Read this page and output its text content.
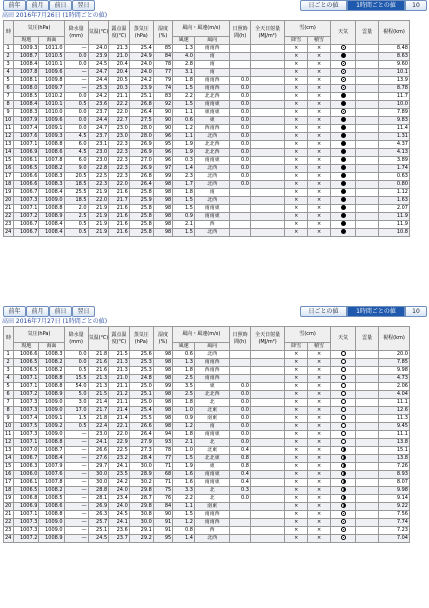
前年	前月	前日	翌日	日ごとの値	1時間ごとの値	10
高田 2016年7月26日 (1時間ごとの値)
時	気圧(hPa)		降水量(mm)	気温(℃)	露点温度(℃)	蒸気圧(hPa)	湿度(%)	風向・風速(m/s)		日照時間(h)	全天日射量(MJ/m²)	雪(cm)		天気	雲量	視程(km)
	現地	海面						風速	風向			降雪	積雪			
1	1009.3	1011.0	—	24.0	21.3	25.4	85	1.3	南南西			×	×			8.48
2	1008.7	1010.5	0.0	23.9	21.0	24.9	84	4.0	南			×	×			8.63
3	1008.4	1010.1	0.0	24.5	20.4	24.0	78	2.8	南			×	×			9.60
4	1007.8	1009.6	—	24.7	20.4	24.0	77	3.1	南			×	×			10.1
5	1008.1	1009.8	—	24.4	20.5	24.2	79	1.8	南南西	0.0		×	×			13.9
6	1008.0	1009.7	—	25.3	20.3	23.9	74	1.5	南南西	0.0		×	×			8.78
7	1008.5	1010.2	0.0	24.2	21.1	25.1	83	2.2	北北西	0.0		×	×			11.7
8	1008.4	1010.1	0.5	23.6	22.2	26.8	92	1.5	南南東	0.0		×	×			10.0
9	1008.3	1010.0	0.0	23.7	22.0	26.4	90	1.1	東南東	0.0		×	×			7.89
10	1007.9	1009.6	0.0	24.4	22.7	27.5	90	0.6	東	0.0		×	×			9.83
11	1007.4	1009.1	0.0	24.7	23.0	28.0	90	1.2	西南西	0.0		×	×			11.4
12	1007.6	1009.3	4.5	23.7	23.0	28.0	96	1.1	北西	0.0		×	×			1.31
13	1007.1	1008.8	6.0	23.1	22.3	26.9	95	1.9	北北西	0.0		×	×			4.37
14	1006.9	1008.6	4.5	23.0	22.3	26.9	96	1.9	北北西	0.0		×	×			4.13
15	1006.1	1007.8	6.0	23.0	22.3	27.0	96	0.3	南南東	0.0		×	×			3.89
16	1006.5	1008.2	9.0	22.8	22.3	26.9	97	1.4	北西	0.0		×	×			1.74
17	1006.6	1008.3	20.5	22.5	22.3	26.8	99	2.3	北西	0.0		×	×			0.63
18	1006.6	1008.3	18.5	22.3	22.0	26.4	98	1.7	北西	0.0		×	×			0.80
19	1006.7	1008.4	25.5	21.9	21.6	25.8	98	1.8	南			×	×			1.12
20	1007.3	1009.0	18.5	22.0	21.7	25.9	98	1.5	北西			×	×			1.63
21	1007.1	1008.8	2.0	21.9	21.6	25.8	98	1.5	南南東			×	×			2.07
22	1007.2	1008.9	2.5	21.9	21.6	25.8	98	0.9	南南東			×	×			11.9
23	1006.7	1008.4	0.5	21.9	21.6	25.8	98	2.1	西			×	×			11.9
24	1006.7	1008.4	0.5	21.9	21.6	25.8	98	1.5	北西			×	×			10.8
前年	前月	前日	翌日	日ごとの値	1時間ごとの値	10
高田 2016年7月27日 (1時間ごとの値)
時	気圧(hPa)		降水量(mm)	気温(℃)	露点温度(℃)	蒸気圧(hPa)	湿度(%)	風向・風速(m/s)		日照時間(h)	全天日射量(MJ/m²)	雪(cm)		天気	雲量	視程(km)
	現地	海面						風速	風向			降雪	積雪			
1	1006.6	1008.3	0.0	21.8	21.5	25.6	98	0.6	北西			×	×			20.0
2	1006.5	1008.2	0.0	21.6	21.3	25.3	98	1.3	南南西			×	×			7.85
3	1006.5	1008.2	0.5	21.6	21.3	25.3	98	1.8	西南西			×	×			9.98
4	1007.1	1008.8	15.5	21.3	21.0	24.8	98	2.5	南南西			×	×			4.73
5	1007.1	1008.8	54.0	21.3	21.1	25.0	99	3.5	東	0.0		×	×			2.06
6	1007.2	1008.9	5.0	21.5	21.2	25.1	98	2.5	北北西	0.0		×	×			4.04
7	1007.3	1009.0	3.0	21.4	21.1	25.0	98	1.8	北	0.0		×	×			11.1
8	1007.3	1009.0	17.0	21.7	21.4	25.4	98	1.0	北東	0.0		×	×			12.6
9	1007.4	1009.1	1.5	21.8	21.4	25.5	98	0.9	南東	0.0		×	×			11.3
10	1007.5	1009.2	0.5	22.4	22.1	26.6	98	1.2	南	0.0		×	×			9.45
11	1007.3	1009.0	—	23.0	22.0	26.4	94	1.8	南南東	0.0		×	×			11.1
12	1007.1	1008.8	—	24.1	22.9	27.9	93	2.1	北	0.0		×	×			13.8
13	1007.0	1008.7	—	26.6	22.5	27.3	78	1.0	北東	0.4		×	×			15.1
14	1006.7	1008.4	—	27.6	23.2	28.4	77	1.5	北北東	0.8		×	×			13.8
15	1006.3	1007.9	—	29.7	24.1	30.0	71	1.9	東	0.8		×	×			7.26
16	1006.0	1007.6	—	30.0	23.5	28.9	68	1.6	南南東	0.4		×	×			8.93
17	1006.1	1007.8	—	30.0	24.2	30.2	71	1.6	南南東	0.4		×	×			8.07
18	1006.5	1008.2	—	28.8	24.0	29.8	75	3.3	北	0.3		×	×			9.98
19	1006.8	1008.5	—	28.1	23.4	28.7	76	2.2	北	0.0		×	×			9.14
20	1006.9	1008.6	—	26.9	24.0	29.8	84	1.1	南東			×	×			9.22
21	1007.1	1008.8	—	26.3	24.5	30.8	90	1.5	南南西			×	×			7.56
22	1007.3	1009.0	—	25.7	24.1	30.0	91	1.2	南南西			×	×			7.74
23	1007.3	1009.0	—	25.1	23.6	29.1	91	0.8	西			×	×			7.23
24	1007.2	1008.9	—	24.5	23.7	29.2	95	1.4	北西			×	×			7.04
